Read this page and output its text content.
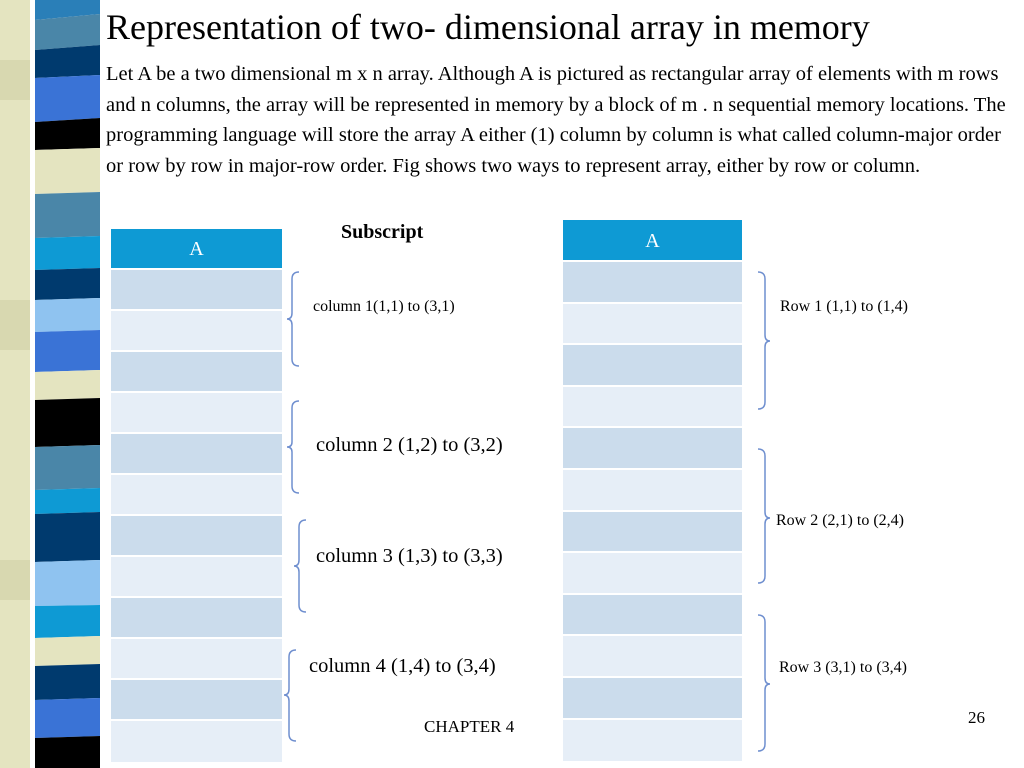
Representation of two- dimensional array in memory

Let A be a two dimensional m x n array. Although A is pictured as rectangular array of elements with m rows and n columns, the array will be represented in memory by a block of m . n sequential memory locations. The programming language will store the array A either (1) column by column is what called column-major order or row by row in major-row order. Fig shows two ways to represent array, either by row or column.

Subscript
A	A
column 1(1,1) to (3,1)
column 2 (1,2) to (3,2)
column 3 (1,3) to (3,3)
column 4 (1,4) to (3,4)
Row 1 (1,1) to (1,4)
Row 2 (2,1) to (2,4)
Row 3 (3,1) to (3,4)
CHAPTER 4	26
